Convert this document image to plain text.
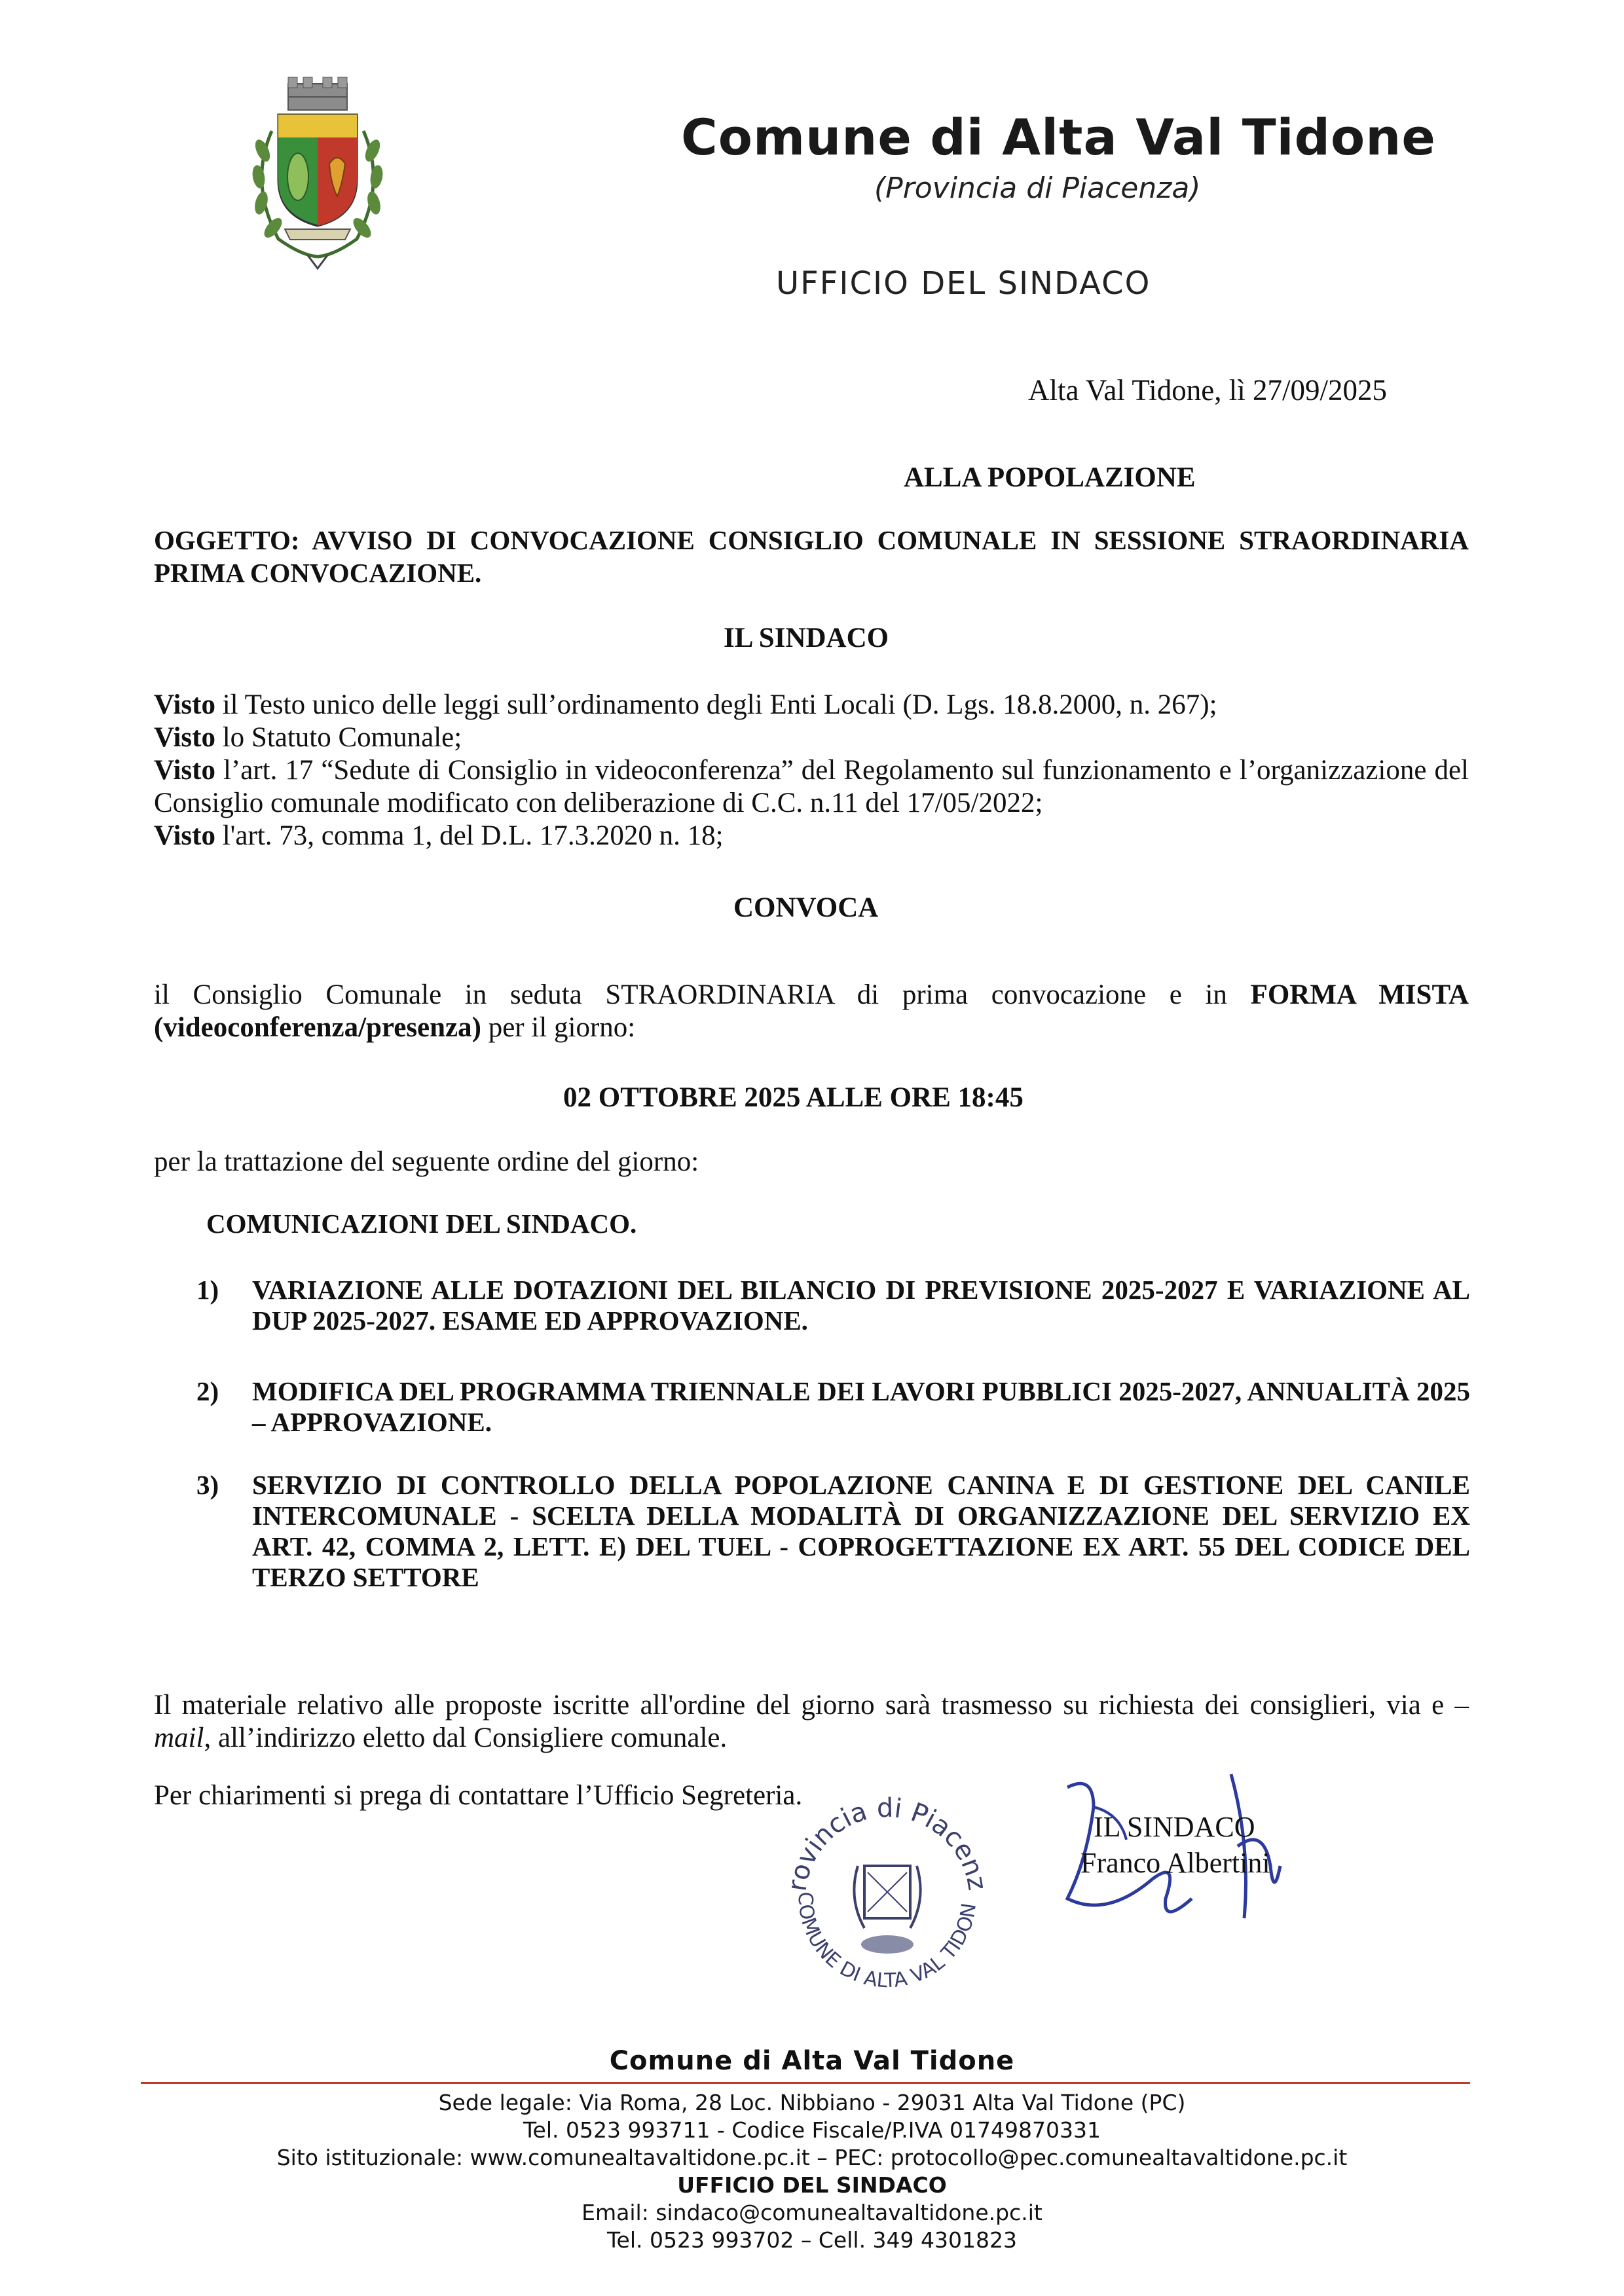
Comune di Alta Val Tidone
(Provincia di Piacenza)
UFFICIO DEL SINDACO
Alta Val Tidone, lì 27/09/2025
ALLA POPOLAZIONE
OGGETTO: AVVISO DI CONVOCAZIONE CONSIGLIO COMUNALE IN SESSIONE STRAORDINARIA PRIMA CONVOCAZIONE.
IL SINDACO

Visto il Testo unico delle leggi sull’ordinamento degli Enti Locali (D. Lgs. 18.8.2000, n. 267);

Visto lo Statuto Comunale;

Visto l’art. 17 “Sedute di Consiglio in videoconferenza” del Regolamento sul funzionamento e l’organizzazione del Consiglio comunale modificato con deliberazione di C.C. n.11 del 17/05/2022;

Visto l'art. 73, comma 1, del D.L. 17.3.2020 n. 18;

CONVOCA
il Consiglio Comunale in seduta STRAORDINARIA di prima convocazione e in FORMA MISTA (videoconferenza/presenza) per il giorno:
02 OTTOBRE 2025 ALLE ORE 18:45
per la trattazione del seguente ordine del giorno:
COMUNICAZIONI DEL SINDACO.
1)	VARIAZIONE ALLE DOTAZIONI DEL BILANCIO DI PREVISIONE 2025-2027 E VARIAZIONE AL DUP 2025-2027. ESAME ED APPROVAZIONE.
2)	MODIFICA DEL PROGRAMMA TRIENNALE DEI LAVORI PUBBLICI 2025-2027, ANNUALITÀ 2025 – APPROVAZIONE.
3)	SERVIZIO DI CONTROLLO DELLA POPOLAZIONE CANINA E DI GESTIONE DEL CANILE INTERCOMUNALE - SCELTA DELLA MODALITÀ DI ORGANIZZAZIONE DEL SERVIZIO EX ART. 42, COMMA 2, LETT. E) DEL TUEL - COPROGETTAZIONE EX ART. 55 DEL CODICE DEL TERZO SETTORE
Il materiale relativo alle proposte iscritte all'ordine del giorno sarà trasmesso su richiesta dei consiglieri, via e – mail, all’indirizzo eletto dal Consigliere comunale.
Per chiarimenti si prega di contattare l’Ufficio Segreteria.
rovincia di Piacenz
COMUNE DI ALTA VAL TIDON
IL SINDACO
Franco Albertini
Comune di Alta Val Tidone
Sede legale: Via Roma, 28 Loc. Nibbiano - 29031 Alta Val Tidone (PC)
Tel. 0523 993711 - Codice Fiscale/P.IVA 01749870331
Sito istituzionale: www.comunealtavaltidone.pc.it – PEC: protocollo@pec.comunealtavaltidone.pc.it
UFFICIO DEL SINDACO
Email: sindaco@comunealtavaltidone.pc.it
Tel. 0523 993702 – Cell. 349 4301823
